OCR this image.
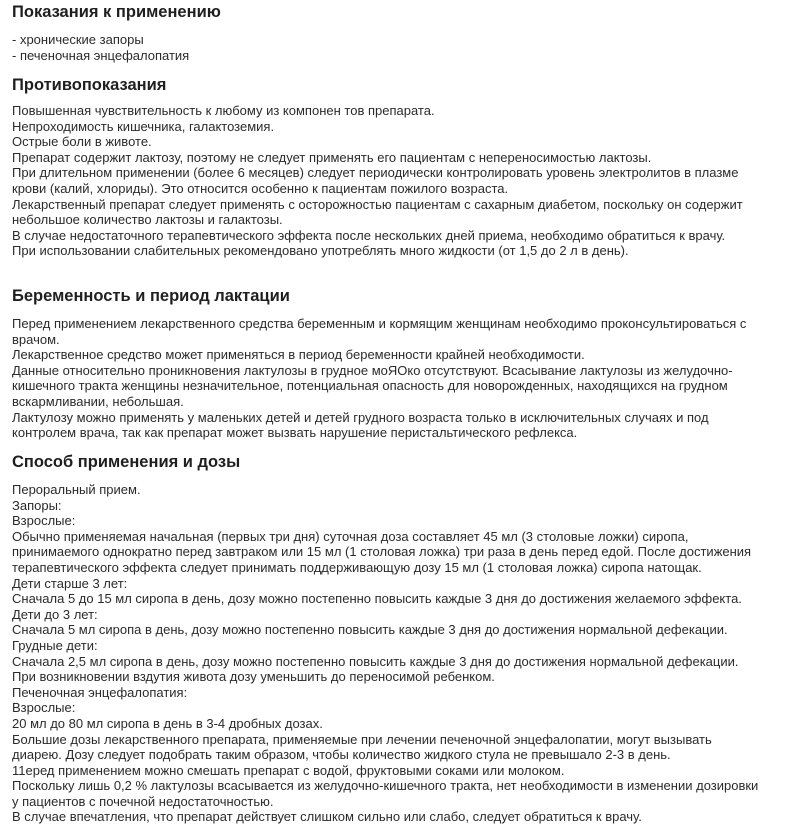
Показания к применению
- хронические запоры
- печеночная энцефалопатия
Противопоказания
Повышенная чувствительность к любому из компонен тов препарата.
Непроходимость кишечника, галактоземия.
Острые боли в животе.
Препарат содержит лактозу, поэтому не следует применять его пациентам с непереносимостью лактозы.
При длительном применении (более 6 месяцев) следует периодически контролировать уровень электролитов в плазме
крови (калий, хлориды). Это относится особенно к пациентам пожилого возраста.
Лекарственный препарат следует применять с осторожностью пациентам с сахарным диабетом, поскольку он содержит
небольшое количество лактозы и галактозы.
В случае недостаточного терапевтического эффекта после нескольких дней приема, необходимо обратиться к врачу.
При использовании слабительных рекомендовано употреблять много жидкости (от 1,5 до 2 л в день).
Беременность и период лактации
Перед применением лекарственного средства беременным и кормящим женщинам необходимо проконсультироваться с
врачом.
Лекарственное средство может применяться в период беременности крайней необходимости.
Данные относительно проникновения лактулозы в грудное моЯОко отсутствуют. Всасывание лактулозы из желудочно-
кишечного тракта женщины незначительное, потенциальная опасность для новорожденных, находящихся на грудном
вскармливании, небольшая.
Лактулозу можно применять у маленьких детей и детей грудного возраста только в исключительных случаях и под
контролем врача, так как препарат может вызвать нарушение перистальтического рефлекса.
Способ применения и дозы
Пероральный прием.
Запоры:
Взрослые:
Обычно применяемая начальная (первых три дня) суточная доза составляет 45 мл (3 столовые ложки) сиропа,
принимаемого однократно перед завтраком или 15 мл (1 столовая ложка) три раза в день перед едой. После достижения
терапевтического эффекта следует принимать поддерживающую дозу 15 мл (1 столовая ложка) сиропа натощак.
Дети старше 3 лет:
Сначала 5 до 15 мл сиропа в день, дозу можно постепенно повысить каждые 3 дня до достижения желаемого эффекта.
Дети до 3 лет:
Сначала 5 мл сиропа в день, дозу можно постепенно повысить каждые 3 дня до достижения нормальной дефекации.
Грудные дети:
Сначала 2,5 мл сиропа в день, дозу можно постепенно повысить каждые 3 дня до достижения нормальной дефекации.
При возникновении вздутия живота дозу уменьшить до переносимой ребенком.
Печеночная энцефалопатия:
Взрослые:
20 мл до 80 мл сиропа в день в 3-4 дробных дозах.
Большие дозы лекарственного препарата, применяемые при лечении печеночной энцефалопатии, могут вызывать
диарею. Дозу следует подобрать таким образом, чтобы количество жидкого стула не превышало 2-3 в день.
11еред применением можно смешать препарат с водой, фруктовыми соками или молоком.
Поскольку лишь 0,2 % лактулозы всасывается из желудочно-кишечного тракта, нет необходимости в изменении дозировки
у пациентов с почечной недостаточностью.
В случае впечатления, что препарат действует слишком сильно или слабо, следует обратиться к врачу.
